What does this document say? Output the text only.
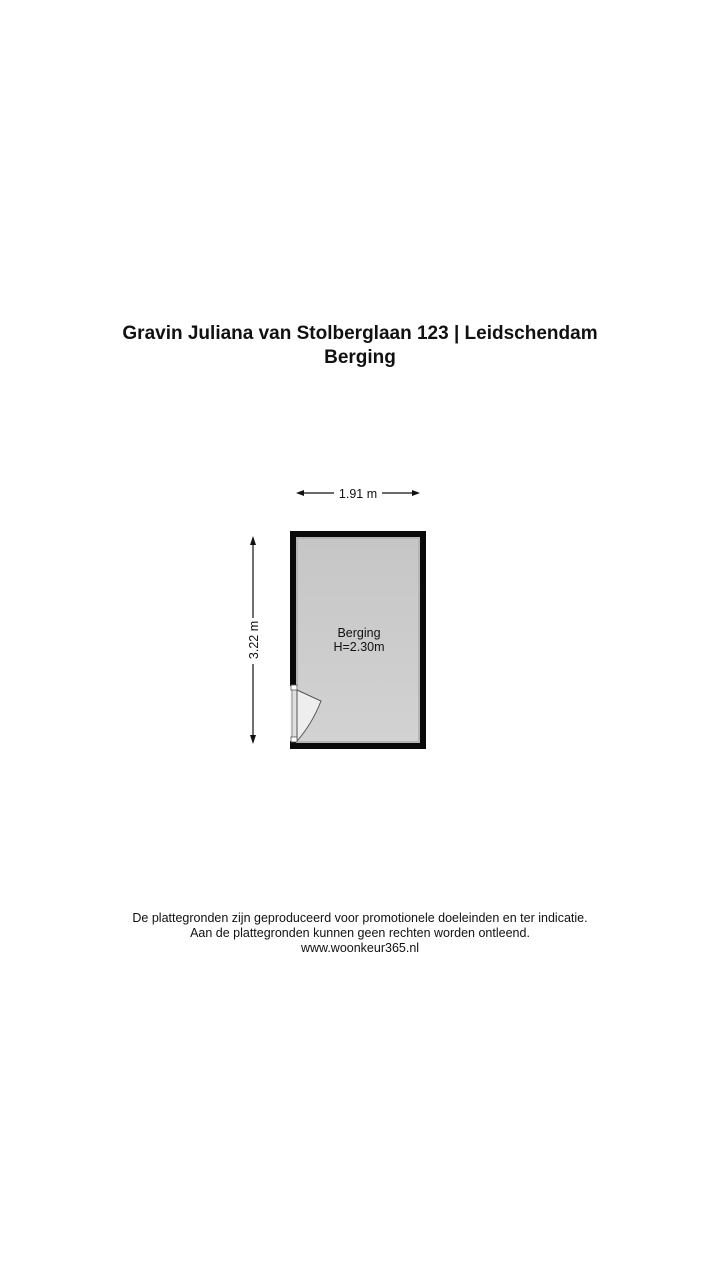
Gravin Juliana van Stolberglaan 123 | Leidschendam
Berging
1.91 m
3.22 m	Berging
H=2.30m
De plattegronden zijn geproduceerd voor promotionele doeleinden en ter indicatie.
Aan de plattegronden kunnen geen rechten worden ontleend.
www.woonkeur365.nl
